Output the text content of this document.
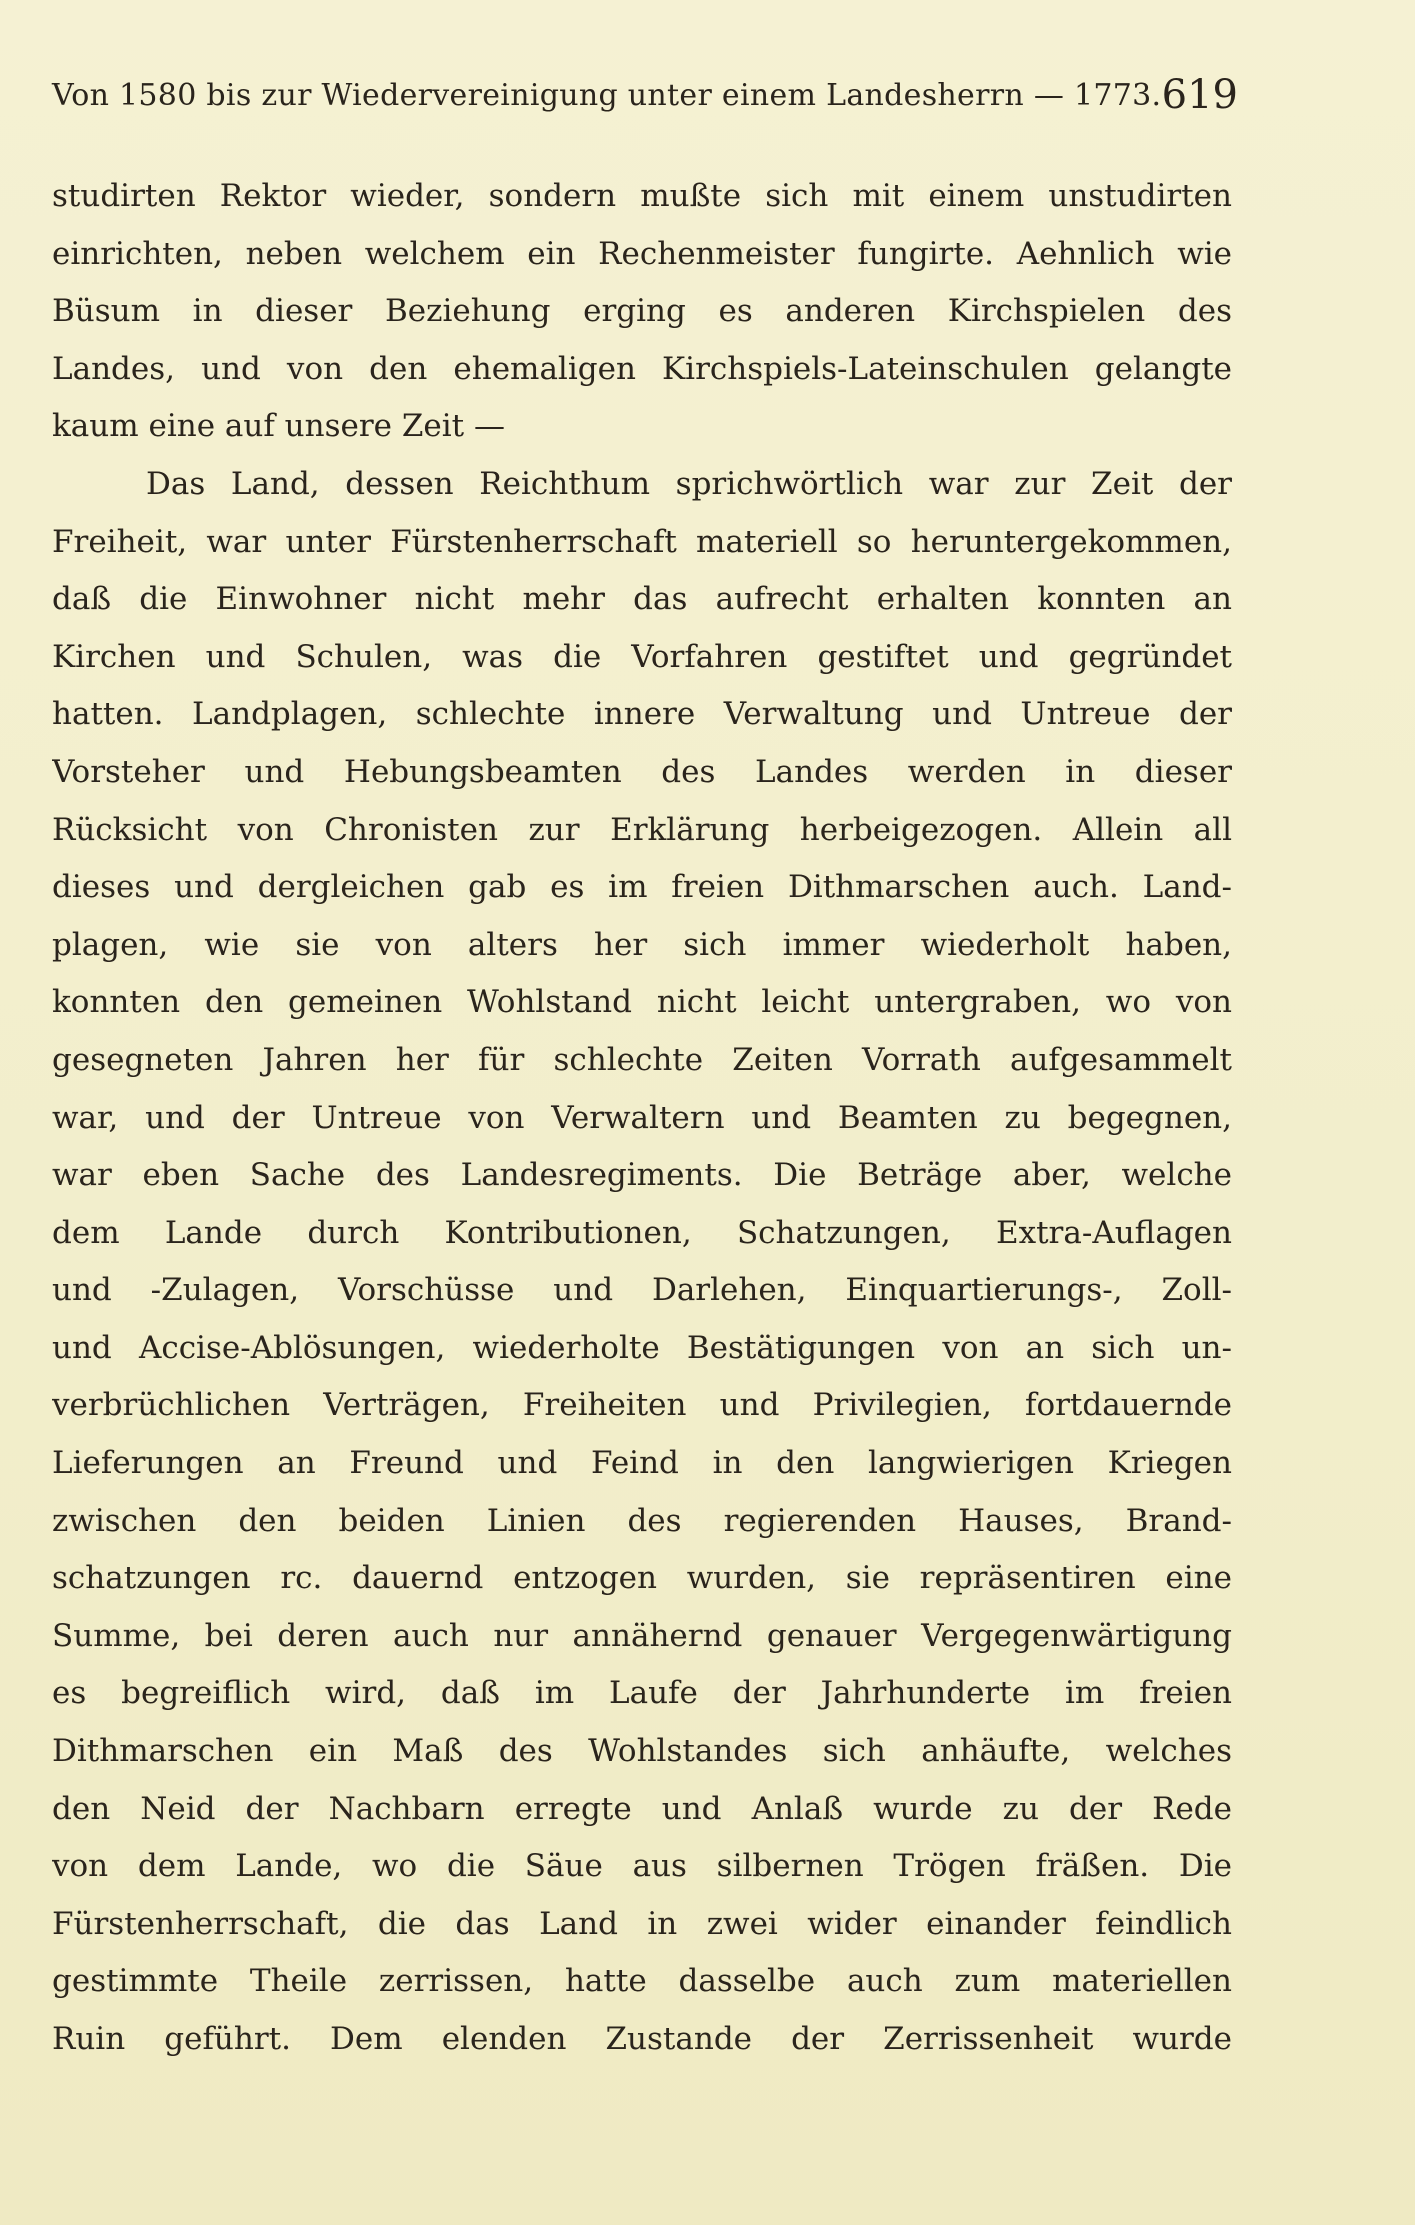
Von 1580 bis zur Wiedervereinigung unter einem Landesherrn — 1773. 619
studirten Rektor wieder, sondern mußte sich mit einem unstudirten
einrichten, neben welchem ein Rechenmeister fungirte. Aehnlich wie
Büsum in dieser Beziehung erging es anderen Kirchspielen des
Landes, und von den ehemaligen Kirchspiels-Lateinschulen gelangte
kaum eine auf unsere Zeit —
Das Land, dessen Reichthum sprichwörtlich war zur Zeit der
Freiheit, war unter Fürstenherrschaft materiell so heruntergekommen,
daß die Einwohner nicht mehr das aufrecht erhalten konnten an
Kirchen und Schulen, was die Vorfahren gestiftet und gegründet
hatten. Landplagen, schlechte innere Verwaltung und Untreue der
Vorsteher und Hebungsbeamten des Landes werden in dieser
Rücksicht von Chronisten zur Erklärung herbeigezogen. Allein all
dieses und dergleichen gab es im freien Dithmarschen auch. Land-
plagen, wie sie von alters her sich immer wiederholt haben,
konnten den gemeinen Wohlstand nicht leicht untergraben, wo von
gesegneten Jahren her für schlechte Zeiten Vorrath aufgesammelt
war, und der Untreue von Verwaltern und Beamten zu begegnen,
war eben Sache des Landesregiments. Die Beträge aber, welche
dem Lande durch Kontributionen, Schatzungen, Extra-Auflagen
und -Zulagen, Vorschüsse und Darlehen, Einquartierungs-, Zoll-
und Accise-Ablösungen, wiederholte Bestätigungen von an sich un-
verbrüchlichen Verträgen, Freiheiten und Privilegien, fortdauernde
Lieferungen an Freund und Feind in den langwierigen Kriegen
zwischen den beiden Linien des regierenden Hauses, Brand-
schatzungen rc. dauernd entzogen wurden, sie repräsentiren eine
Summe, bei deren auch nur annähernd genauer Vergegenwärtigung
es begreiflich wird, daß im Laufe der Jahrhunderte im freien
Dithmarschen ein Maß des Wohlstandes sich anhäufte, welches
den Neid der Nachbarn erregte und Anlaß wurde zu der Rede
von dem Lande, wo die Säue aus silbernen Trögen fräßen. Die
Fürstenherrschaft, die das Land in zwei wider einander feindlich
gestimmte Theile zerrissen, hatte dasselbe auch zum materiellen
Ruin geführt. Dem elenden Zustande der Zerrissenheit wurde
